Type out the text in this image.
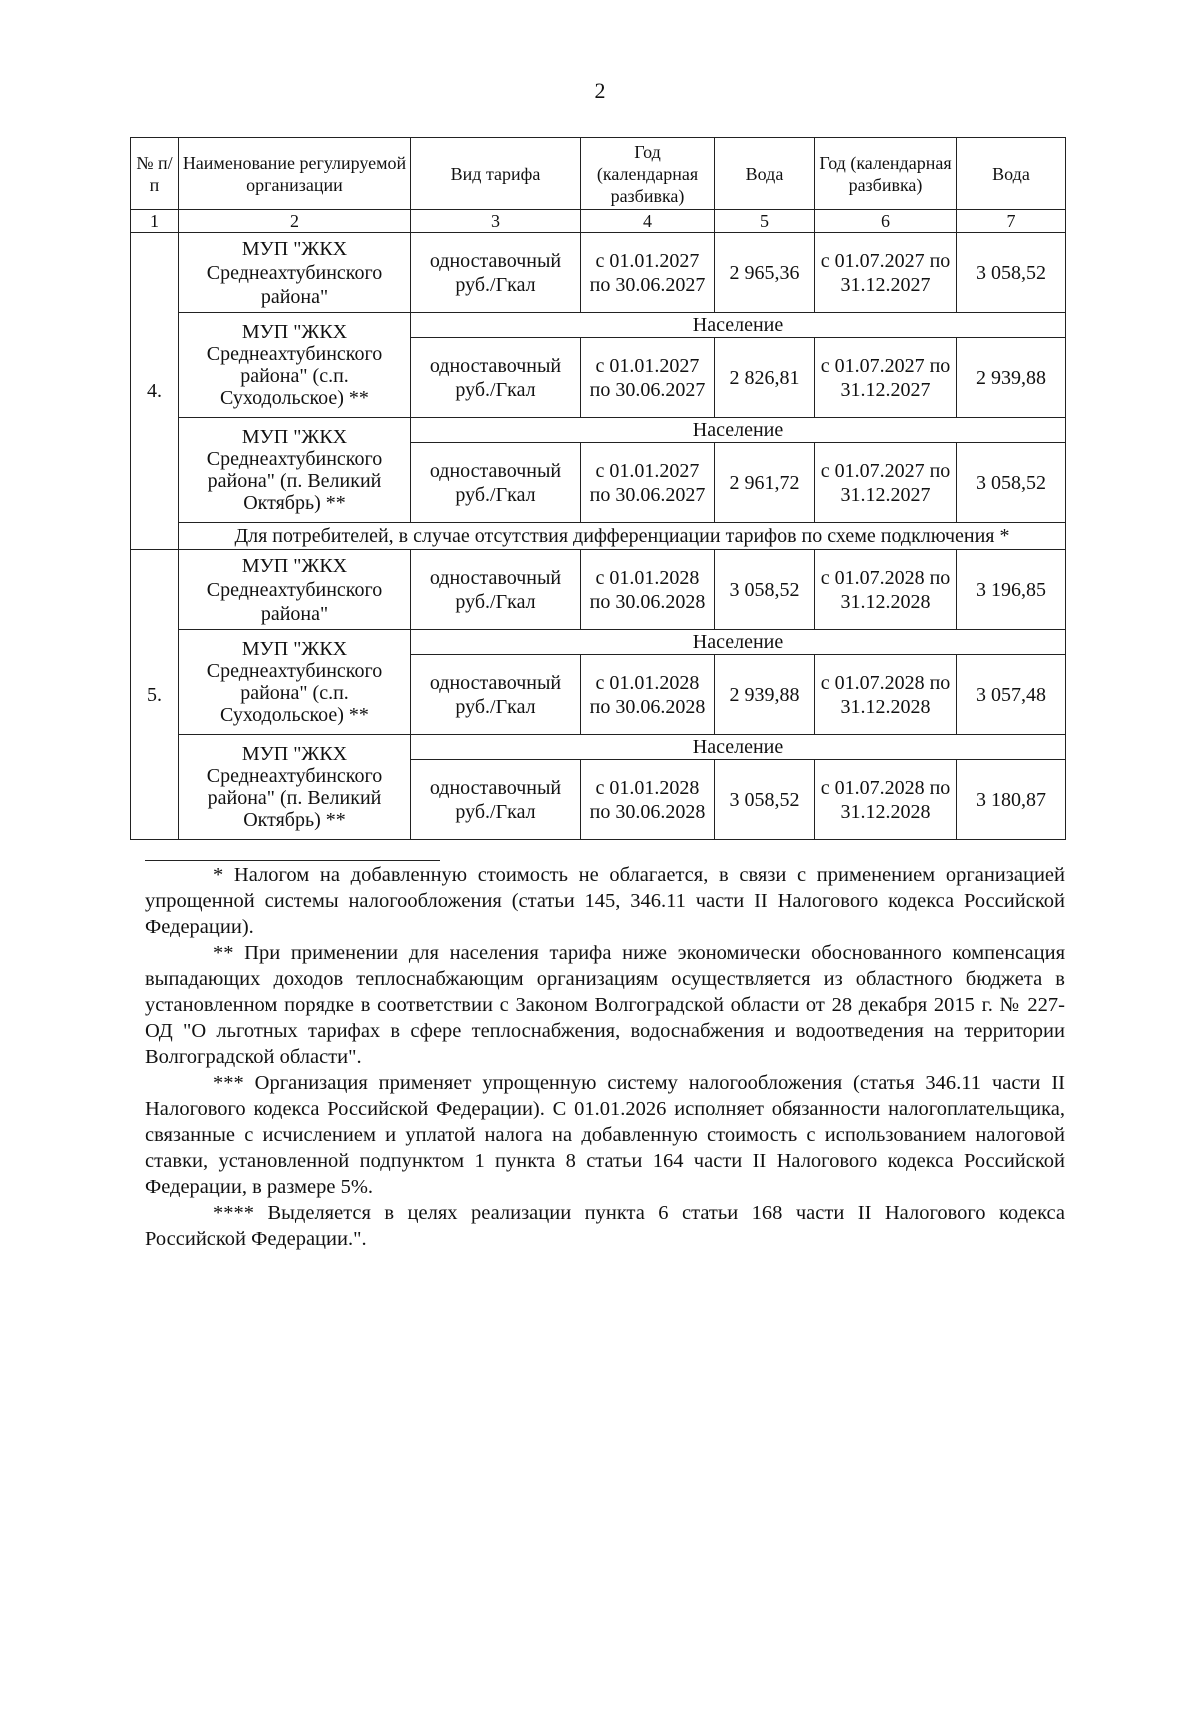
2
№ п/п	Наименование регулируемой организации	Вид тарифа	Год (календарная разбивка)	Вода	Год (календарная разбивка)	Вода
1	2	3	4	5	6	7
4.	МУП "ЖКХ Среднеахтубинского района"	одноставочный руб./Гкал	с 01.01.2027 по 30.06.2027	2 965,36	с 01.07.2027 по 31.12.2027	3 058,52
	МУП "ЖКХ Среднеахтубинского района" (с.п. Суходольское) **	Население				
		одноставочный руб./Гкал	с 01.01.2027 по 30.06.2027	2 826,81	с 01.07.2027 по 31.12.2027	2 939,88
	МУП "ЖКХ Среднеахтубинского района" (п. Великий Октябрь) **	Население				
		одноставочный руб./Гкал	с 01.01.2027 по 30.06.2027	2 961,72	с 01.07.2027 по 31.12.2027	3 058,52
	Для потребителей, в случае отсутствия дифференциации тарифов по схеме подключения *					

5.	МУП "ЖКХ Среднеахтубинского района"	одноставочный руб./Гкал	с 01.01.2028 по 30.06.2028	3 058,52	с 01.07.2028 по 31.12.2028	3 196,85
	МУП "ЖКХ Среднеахтубинского района" (с.п. Суходольское) **	Население				
		одноставочный руб./Гкал	с 01.01.2028 по 30.06.2028	2 939,88	с 01.07.2028 по 31.12.2028	3 057,48
	МУП "ЖКХ Среднеахтубинского района" (п. Великий Октябрь) **	Население				
		одноставочный руб./Гкал	с 01.01.2028 по 30.06.2028	3 058,52	с 01.07.2028 по 31.12.2028	3 180,87

* Налогом на добавленную стоимость не облагается, в связи с применением организацией упрощенной системы налогообложения (статьи 145, 346.11 части II Налогового кодекса Российской Федерации).

** При применении для населения тарифа ниже экономически обоснованного компенсация выпадающих доходов теплоснабжающим организациям осуществляется из областного бюджета в установленном порядке в соответствии с Законом Волгоградской области от 28 декабря 2015 г. № 227-ОД "О льготных тарифах в сфере теплоснабжения, водоснабжения и водоотведения на территории Волгоградской области".

*** Организация применяет упрощенную систему налогообложения (статья 346.11 части II Налогового кодекса Российской Федерации). С 01.01.2026 исполняет обязанности налогоплательщика, связанные с исчислением и уплатой налога на добавленную стоимость с использованием налоговой ставки, установленной подпунктом 1 пункта 8 статьи 164 части II Налогового кодекса Российской Федерации, в размере 5%.

**** Выделяется в целях реализации пункта 6 статьи 168 части II Налогового кодекса Российской Федерации.".
